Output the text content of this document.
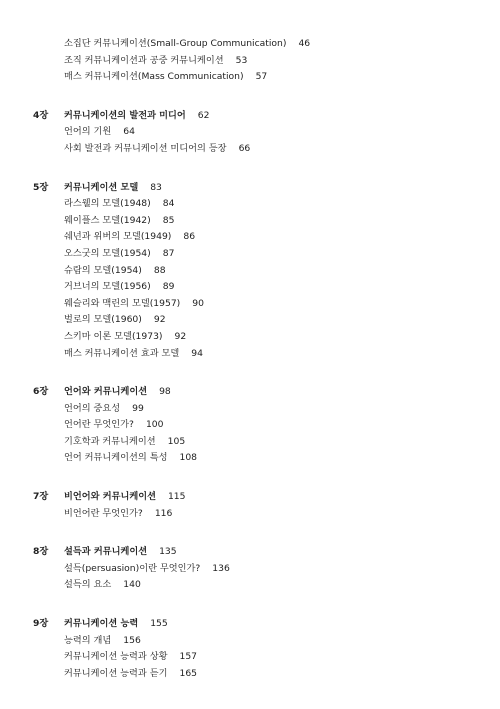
소집단 커뮤니케이션(Small-Group Communication) 46
조직 커뮤니케이션과 공중 커뮤니케이션 53
매스 커뮤니케이션(Mass Communication) 57
4장 커뮤니케이션의 발전과 미디어 62
언어의 기원 64
사회 발전과 커뮤니케이션 미디어의 등장 66
5장 커뮤니케이션 모델 83
라스웰의 모델(1948) 84
웨이플스 모델(1942) 85
쉐넌과 위버의 모델(1949) 86
오스굿의 모델(1954) 87
슈람의 모델(1954) 88
거브너의 모델(1956) 89
웨슬리와 맥린의 모델(1957) 90
벌로의 모델(1960) 92
스키마 이론 모델(1973) 92
매스 커뮤니케이션 효과 모델 94
6장 언어와 커뮤니케이션 98
언어의 중요성 99
언어란 무엇인가? 100
기호학과 커뮤니케이션 105
언어 커뮤니케이션의 특성 108
7장 비언어와 커뮤니케이션 115
비언어란 무엇인가? 116
8장 설득과 커뮤니케이션 135
설득(persuasion)이란 무엇인가? 136
설득의 요소 140
9장 커뮤니케이션 능력 155
능력의 개념 156
커뮤니케이션 능력과 상황 157
커뮤니케이션 능력과 듣기 165
